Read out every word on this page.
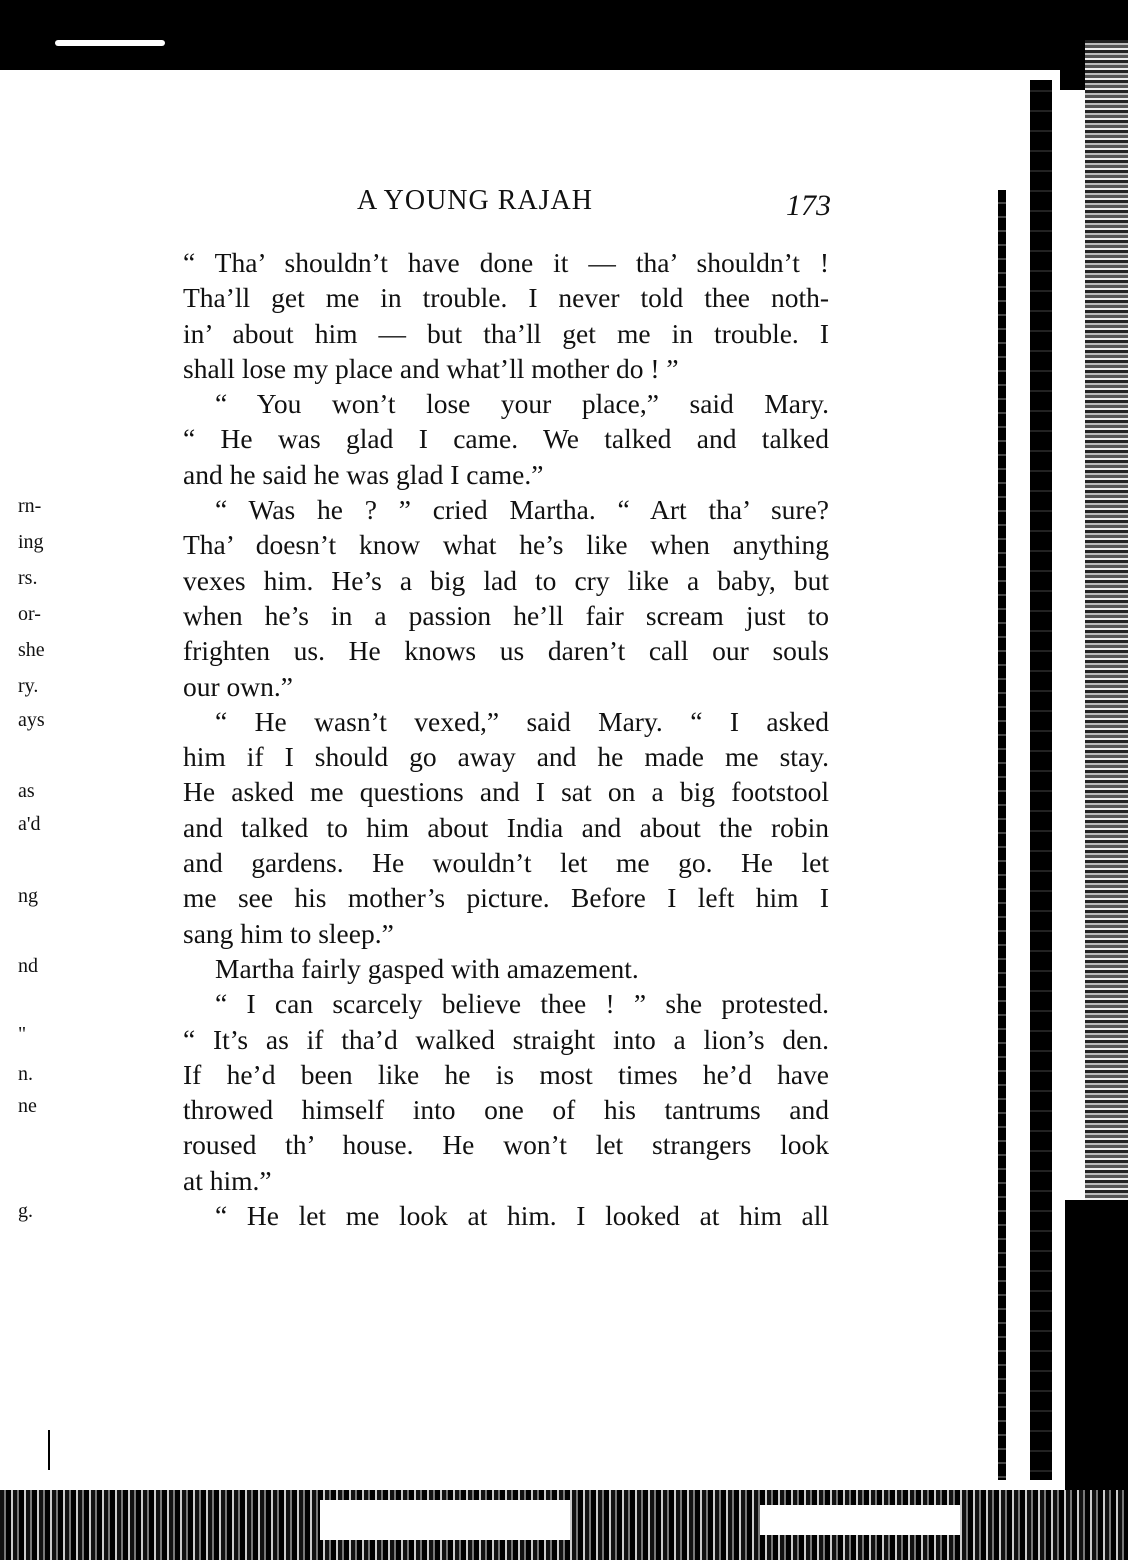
rn-
ing
rs.
or-
she
ry.
ays
as
a'd
ng
nd
"
n.
ne
g.
A YOUNG RAJAH	173
“ Tha’ shouldn’t have done it — tha’ shouldn’t !
Tha’ll get me in trouble. I never told thee noth-
in’ about him — but tha’ll get me in trouble. I
shall lose my place and what’ll mother do ! ”
“ You won’t lose your place,” said Mary.
“ He was glad I came. We talked and talked
and he said he was glad I came.”
“ Was he ? ” cried Martha. “ Art tha’ sure?
Tha’ doesn’t know what he’s like when anything
vexes him. He’s a big lad to cry like a baby, but
when he’s in a passion he’ll fair scream just to
frighten us. He knows us daren’t call our souls
our own.”
“ He wasn’t vexed,” said Mary. “ I asked
him if I should go away and he made me stay.
He asked me questions and I sat on a big footstool
and talked to him about India and about the robin
and gardens. He wouldn’t let me go. He let
me see his mother’s picture. Before I left him I
sang him to sleep.”
Martha fairly gasped with amazement.
“ I can scarcely believe thee ! ” she protested.
“ It’s as if tha’d walked straight into a lion’s den.
If he’d been like he is most times he’d have
throwed himself into one of his tantrums and
roused th’ house. He won’t let strangers look
at him.”
“ He let me look at him. I looked at him all
